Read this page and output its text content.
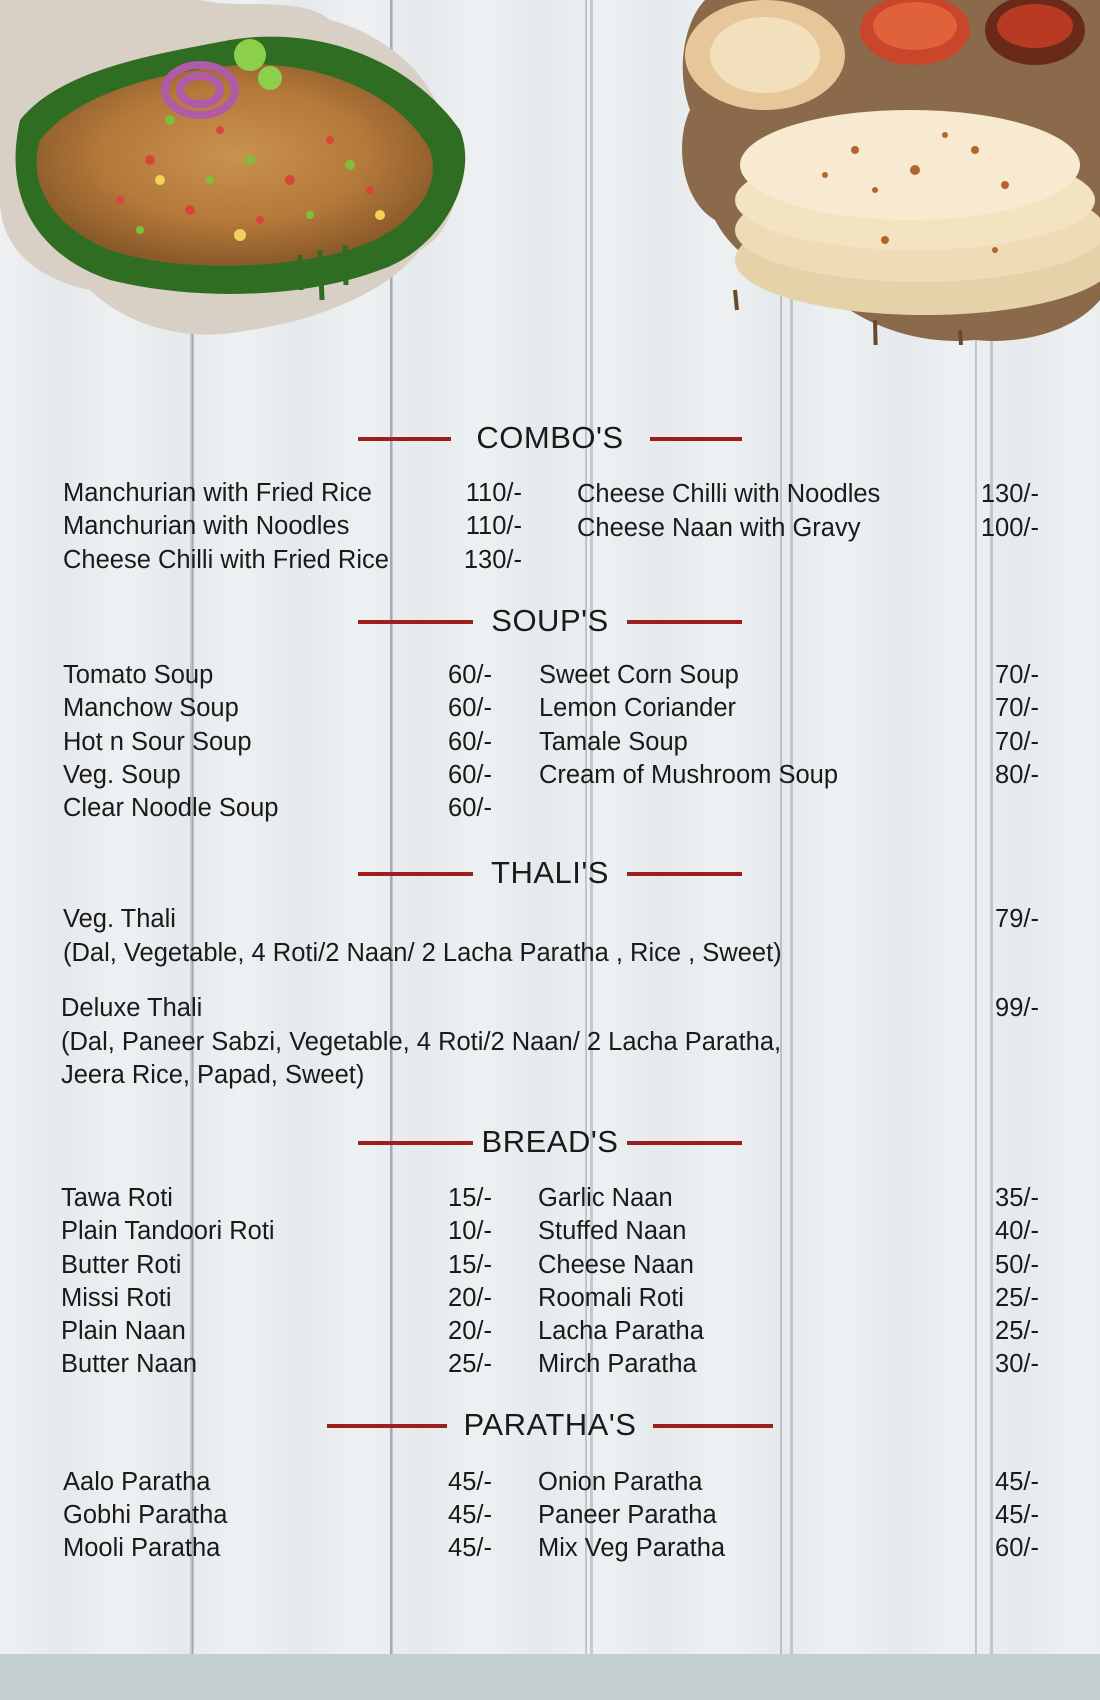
COMBO'S
Manchurian with Fried Rice	110/-
Manchurian with Noodles	110/-
Cheese Chilli with Fried Rice	130/-
Cheese Chilli with Noodles	130/-
Cheese Naan with Gravy	100/-
SOUP'S
Tomato Soup	60/-
Manchow Soup	60/-
Hot n Sour Soup	60/-
Veg. Soup	60/-
Clear Noodle Soup	60/-
Sweet Corn Soup	70/-
Lemon Coriander	70/-
Tamale Soup	70/-
Cream of Mushroom Soup	80/-
THALI'S
Veg. Thali	79/-
(Dal, Vegetable, 4 Roti/2 Naan/ 2 Lacha Paratha , Rice , Sweet)
Deluxe Thali	99/-
(Dal, Paneer Sabzi, Vegetable, 4 Roti/2 Naan/ 2 Lacha Paratha,
Jeera Rice, Papad, Sweet)
BREAD'S
Tawa Roti	15/-
Plain Tandoori Roti	10/-
Butter Roti	15/-
Missi Roti	20/-
Plain Naan	20/-
Butter Naan	25/-
Garlic Naan	35/-
Stuffed Naan	40/-
Cheese Naan	50/-
Roomali Roti	25/-
Lacha Paratha	25/-
Mirch Paratha	30/-
PARATHA'S
Aalo Paratha	45/-
Gobhi Paratha	45/-
Mooli Paratha	45/-
Onion Paratha	45/-
Paneer Paratha	45/-
Mix Veg Paratha	60/-
